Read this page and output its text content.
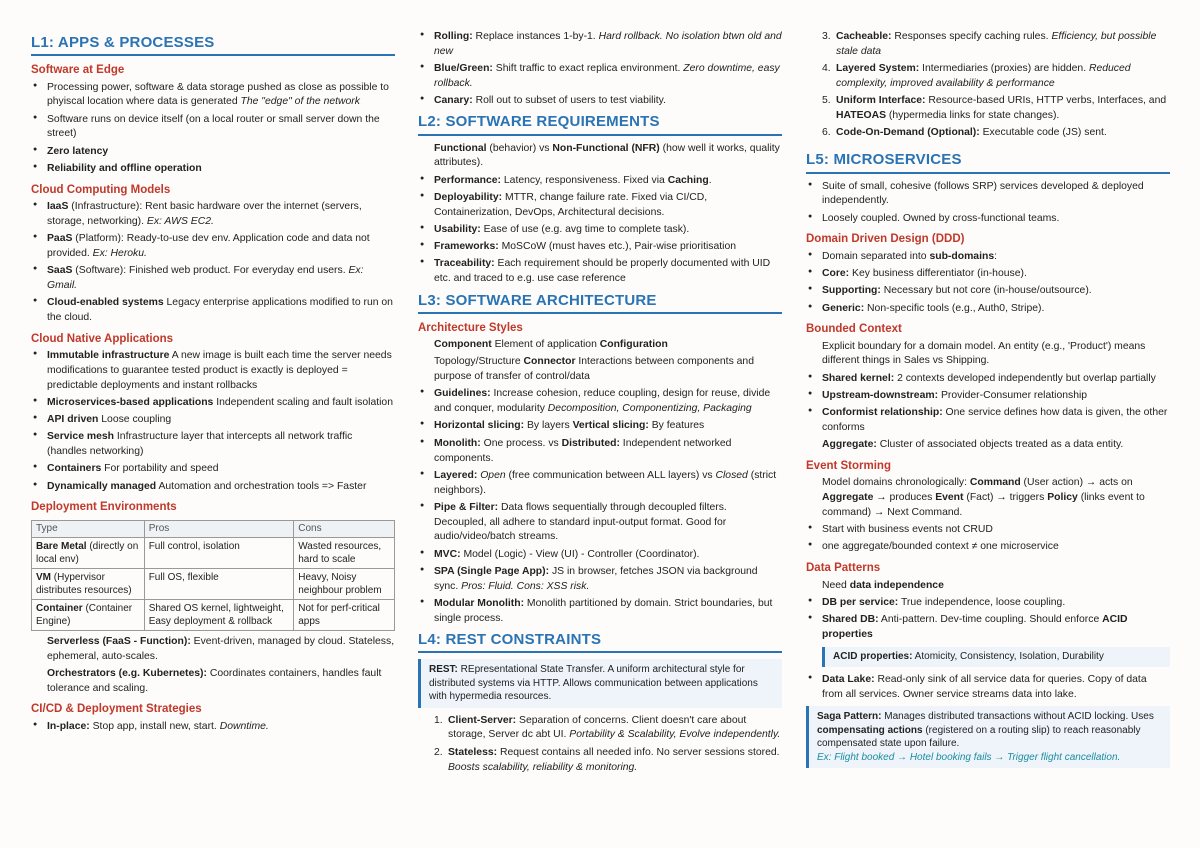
L1: APPS & PROCESSES
Software at Edge
● Processing power, software & data storage pushed as close as possible to phyiscal location where data is generated The "edge" of the network
● Software runs on device itself (on a local router or small server down the street)
● Zero latency
● Reliability and offline operation
Cloud Computing Models
● IaaS (Infrastructure): Rent basic hardware over the internet (servers, storage, networking). Ex: AWS EC2.
● PaaS (Platform): Ready-to-use dev env. Application code and data not provided. Ex: Heroku.
● SaaS (Software): Finished web product. For everyday end users. Ex: Gmail.
● Cloud-enabled systems Legacy enterprise applications modified to run on the cloud.
Cloud Native Applications
● Immutable infrastructure A new image is built each time the server needs modifications to guarantee tested product is exactly is deployed = predictable deployments and instant rollbacks
● Microservices-based applications Independent scaling and fault isolation
● API driven Loose coupling
● Service mesh Infrastructure layer that intercepts all network traffic (handles networking)
● Containers For portability and speed
● Dynamically managed Automation and orchestration tools => Faster
Deployment Environments
Type	Pros	Cons
Bare Metal (directly on local env)	Full control, isolation	Wasted resources, hard to scale
VM (Hypervisor distributes resources)	Full OS, flexible	Heavy, Noisy neighbour problem
Container (Container Engine)	Shared OS kernel, lightweight, Easy deployment & rollback	Not for perf-critical apps
Serverless (FaaS - Function): Event-driven, managed by cloud. Stateless, ephemeral, auto-scales.
Orchestrators (e.g. Kubernetes): Coordinates containers, handles fault tolerance and scaling.
CI/CD & Deployment Strategies
● In-place: Stop app, install new, start. Downtime.
● Rolling: Replace instances 1-by-1. Hard rollback. No isolation btwn old and new
● Blue/Green: Shift traffic to exact replica environment. Zero downtime, easy rollback.
● Canary: Roll out to subset of users to test viability.
L2: SOFTWARE REQUIREMENTS
Functional (behavior) vs Non-Functional (NFR) (how well it works, quality attributes).
● Performance: Latency, responsiveness. Fixed via Caching.
● Deployability: MTTR, change failure rate. Fixed via CI/CD, Containerization, DevOps, Architectural decisions.
● Usability: Ease of use (e.g. avg time to complete task).
● Frameworks: MoSCoW (must haves etc.), Pair-wise prioritisation
● Traceability: Each requirement should be properly documented with UID etc. and traced to e.g. use case reference
L3: SOFTWARE ARCHITECTURE
Architecture Styles
Component Element of application Configuration
Topology/Structure Connector Interactions between components and purpose of transfer of control/data
● Guidelines: Increase cohesion, reduce coupling, design for reuse, divide and conquer, modularity Decomposition, Componentizing, Packaging
● Horizontal slicing: By layers Vertical slicing: By features
● Monolith: One process. vs Distributed: Independent networked components.
● Layered: Open (free communication between ALL layers) vs Closed (strict neighbors).
● Pipe & Filter: Data flows sequentially through decoupled filters. Decoupled, all adhere to standard input-output format. Good for audio/video/batch streams.
● MVC: Model (Logic) - View (UI) - Controller (Coordinator).
● SPA (Single Page App): JS in browser, fetches JSON via background sync. Pros: Fluid. Cons: XSS risk.
● Modular Monolith: Monolith partitioned by domain. Strict boundaries, but single process.
L4: REST CONSTRAINTS
REST: REpresentational State Transfer. A uniform architectural style for distributed systems via HTTP. Allows communication between applications with hypermedia resources.
1. Client-Server: Separation of concerns. Client doesn't care about storage, Server dc abt UI. Portability & Scalability, Evolve independently.
2. Stateless: Request contains all needed info. No server sessions stored. Boosts scalability, reliability & monitoring.
3. Cacheable: Responses specify caching rules. Efficiency, but possible stale data
4. Layered System: Intermediaries (proxies) are hidden. Reduced complexity, improved availability & performance
5. Uniform Interface: Resource-based URIs, HTTP verbs, Interfaces, and HATEOAS (hypermedia links for state changes).
6. Code-On-Demand (Optional): Executable code (JS) sent.
L5: MICROSERVICES
● Suite of small, cohesive (follows SRP) services developed & deployed independently.
● Loosely coupled. Owned by cross-functional teams.
Domain Driven Design (DDD)
● Domain separated into sub-domains:
● Core: Key business differentiator (in-house).
● Supporting: Necessary but not core (in-house/outsource).
● Generic: Non-specific tools (e.g., Auth0, Stripe).
Bounded Context
Explicit boundary for a domain model. An entity (e.g., 'Product') means different things in Sales vs Shipping.
● Shared kernel: 2 contexts developed independently but overlap partially
● Upstream-downstream: Provider-Consumer relationship
● Conformist relationship: One service defines how data is given, the other conforms
Aggregate: Cluster of associated objects treated as a data entity.
Event Storming
Model domains chronologically: Command (User action) → acts on Aggregate → produces Event (Fact) → triggers Policy (links event to command) → Next Command.
● Start with business events not CRUD
● one aggregate/bounded context ≠ one microservice
Data Patterns
Need data independence
● DB per service: True independence, loose coupling.
● Shared DB: Anti-pattern. Dev-time coupling. Should enforce ACID properties
ACID properties: Atomicity, Consistency, Isolation, Durability
● Data Lake: Read-only sink of all service data for queries. Copy of data from all services. Owner service streams data into lake.
Saga Pattern: Manages distributed transactions without ACID locking. Uses compensating actions (registered on a routing slip) to reach reasonably compensated state upon failure.
Ex: Flight booked → Hotel booking fails → Trigger flight cancellation.
